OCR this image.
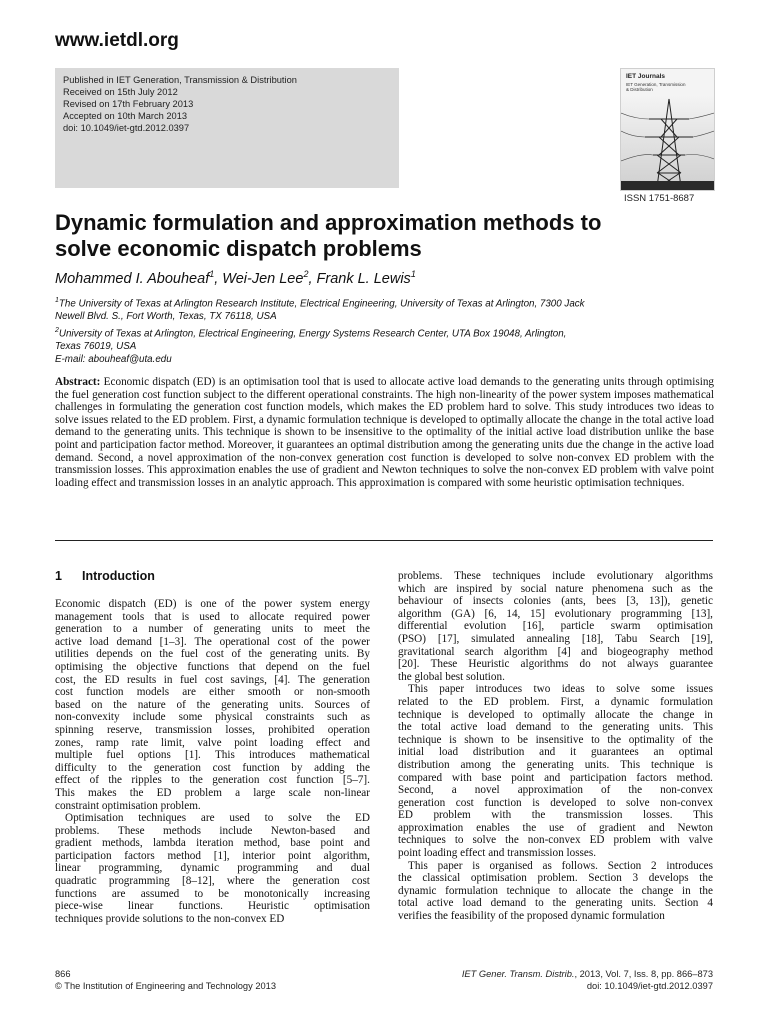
www.ietdl.org
Published in IET Generation, Transmission & Distribution
Received on 15th July 2012
Revised on 17th February 2013
Accepted on 10th March 2013
doi: 10.1049/iet-gtd.2012.0397
IET Journals
IET Generation, Transmission
& Distribution
ISSN 1751-8687
Dynamic formulation and approximation methods to
solve economic dispatch problems
Mohammed I. Abouheaf$^1$, Wei-Jen Lee$^2$, Frank L. Lewis$^1$
$^1$The University of Texas at Arlington Research Institute, Electrical Engineering, University of Texas at Arlington, 7300 Jack
Newell Blvd. S., Fort Worth, Texas, TX 76118, USA
$^2$University of Texas at Arlington, Electrical Engineering, Energy Systems Research Center, UTA Box 19048, Arlington,
Texas 76019, USA
E-mail: abouheaf@uta.edu
Abstract: Economic dispatch (ED) is an optimisation tool that is used to allocate active load demands to the generating units through optimising the fuel generation cost function subject to the different operational constraints. The high non-linearity of the power system imposes mathematical challenges in formulating the generation cost function models, which makes the ED problem hard to solve. This study introduces two ideas to solve issues related to the ED problem. First, a dynamic formulation technique is developed to optimally allocate the change in the total active load demand to the generating units. This technique is shown to be insensitive to the optimality of the initial active load distribution unlike the base point and participation factor method. Moreover, it guarantees an optimal distribution among the generating units due the change in the active load demand. Second, a novel approximation of the non-convex generation cost function is developed to solve non-convex ED problem with the transmission losses. This approximation enables the use of gradient and Newton techniques to solve the non-convex ED problem with valve point loading effect and transmission losses in an analytic approach. This approximation is compared with some heuristic optimisation techniques.
1 Introduction
Economic dispatch (ED) is one of the power system energy
management tools that is used to allocate required power
generation to a number of generating units to meet the
active load demand [1–3]. The operational cost of the power
utilities depends on the fuel cost of the generating units. By
optimising the objective functions that depend on the fuel
cost, the ED results in fuel cost savings, [4]. The generation
cost function models are either smooth or non-smooth
based on the nature of the generating units. Sources of
non-convexity include some physical constraints such as
spinning reserve, transmission losses, prohibited operation
zones, ramp rate limit, valve point loading effect and
multiple fuel options [1]. This introduces mathematical
difficulty to the generation cost function by adding the
effect of the ripples to the generation cost function [5–7].
This makes the ED problem a large scale non-linear
constraint optimisation problem.
Optimisation techniques are used to solve the ED
problems. These methods include Newton-based and
gradient methods, lambda iteration method, base point and
participation factors method [1], interior point algorithm,
linear programming, dynamic programming and dual
quadratic programming [8–12], where the generation cost
functions are assumed to be monotonically increasing
piece-wise linear functions. Heuristic optimisation
techniques provide solutions to the non-convex ED
problems. These techniques include evolutionary algorithms
which are inspired by social nature phenomena such as the
behaviour of insects colonies (ants, bees [3, 13]), genetic
algorithm (GA) [6, 14, 15] evolutionary programming [13],
differential evolution [16], particle swarm optimisation
(PSO) [17], simulated annealing [18], Tabu Search [19],
gravitational search algorithm [4] and biogeography method
[20]. These Heuristic algorithms do not always guarantee
the global best solution.
This paper introduces two ideas to solve some issues
related to the ED problem. First, a dynamic formulation
technique is developed to optimally allocate the change in
the total active load demand to the generating units. This
technique is shown to be insensitive to the optimality of the
initial load distribution and it guarantees an optimal
distribution among the generating units. This technique is
compared with base point and participation factors method.
Second, a novel approximation of the non-convex
generation cost function is developed to solve non-convex
ED problem with the transmission losses. This
approximation enables the use of gradient and Newton
techniques to solve the non-convex ED problem with valve
point loading effect and transmission losses.
This paper is organised as follows. Section 2 introduces
the classical optimisation problem. Section 3 develops the
dynamic formulation technique to allocate the change in the
total active load demand to the generating units. Section 4
verifies the feasibility of the proposed dynamic formulation
866
© The Institution of Engineering and Technology 2013
IET Gener. Transm. Distrib., 2013, Vol. 7, Iss. 8, pp. 866–873
doi: 10.1049/iet-gtd.2012.0397
